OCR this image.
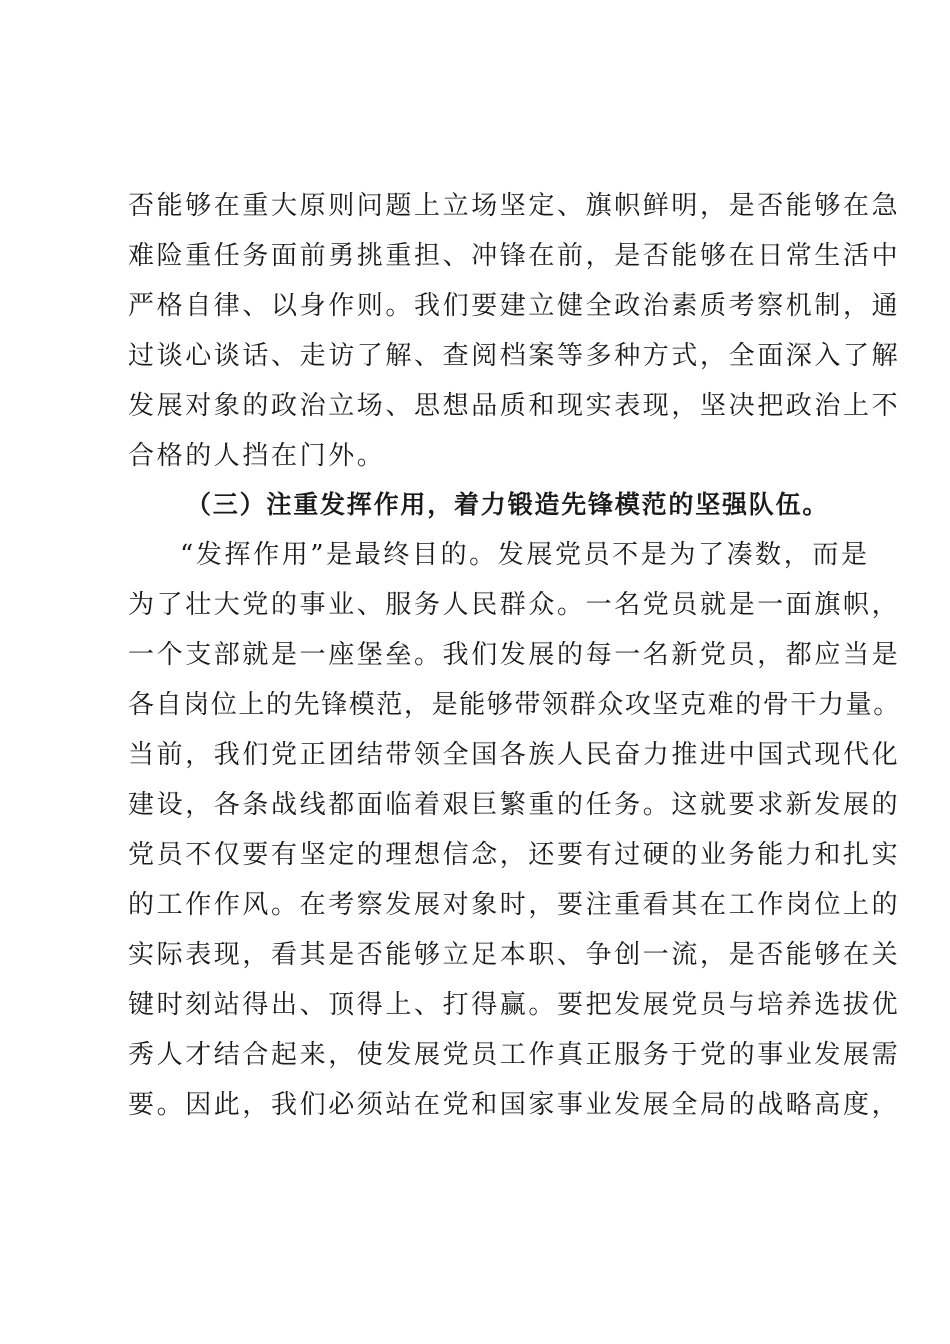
否能够在重大原则问题上立场坚定、旗帜鲜明，是否能够在急
难险重任务面前勇挑重担、冲锋在前，是否能够在日常生活中
严格自律、以身作则。我们要建立健全政治素质考察机制，通
过谈心谈话、走访了解、查阅档案等多种方式，全面深入了解
发展对象的政治立场、思想品质和现实表现，坚决把政治上不
合格的人挡在门外。
（三）注重发挥作用，着力锻造先锋模范的坚强队伍。
“发挥作用”是最终目的。发展党员不是为了凑数，而是
为了壮大党的事业、服务人民群众。一名党员就是一面旗帜，
一个支部就是一座堡垒。我们发展的每一名新党员，都应当是
各自岗位上的先锋模范，是能够带领群众攻坚克难的骨干力量。
当前，我们党正团结带领全国各族人民奋力推进中国式现代化
建设，各条战线都面临着艰巨繁重的任务。这就要求新发展的
党员不仅要有坚定的理想信念，还要有过硬的业务能力和扎实
的工作作风。在考察发展对象时，要注重看其在工作岗位上的
实际表现，看其是否能够立足本职、争创一流，是否能够在关
键时刻站得出、顶得上、打得赢。要把发展党员与培养选拔优
秀人才结合起来，使发展党员工作真正服务于党的事业发展需
要。因此，我们必须站在党和国家事业发展全局的战略高度，
